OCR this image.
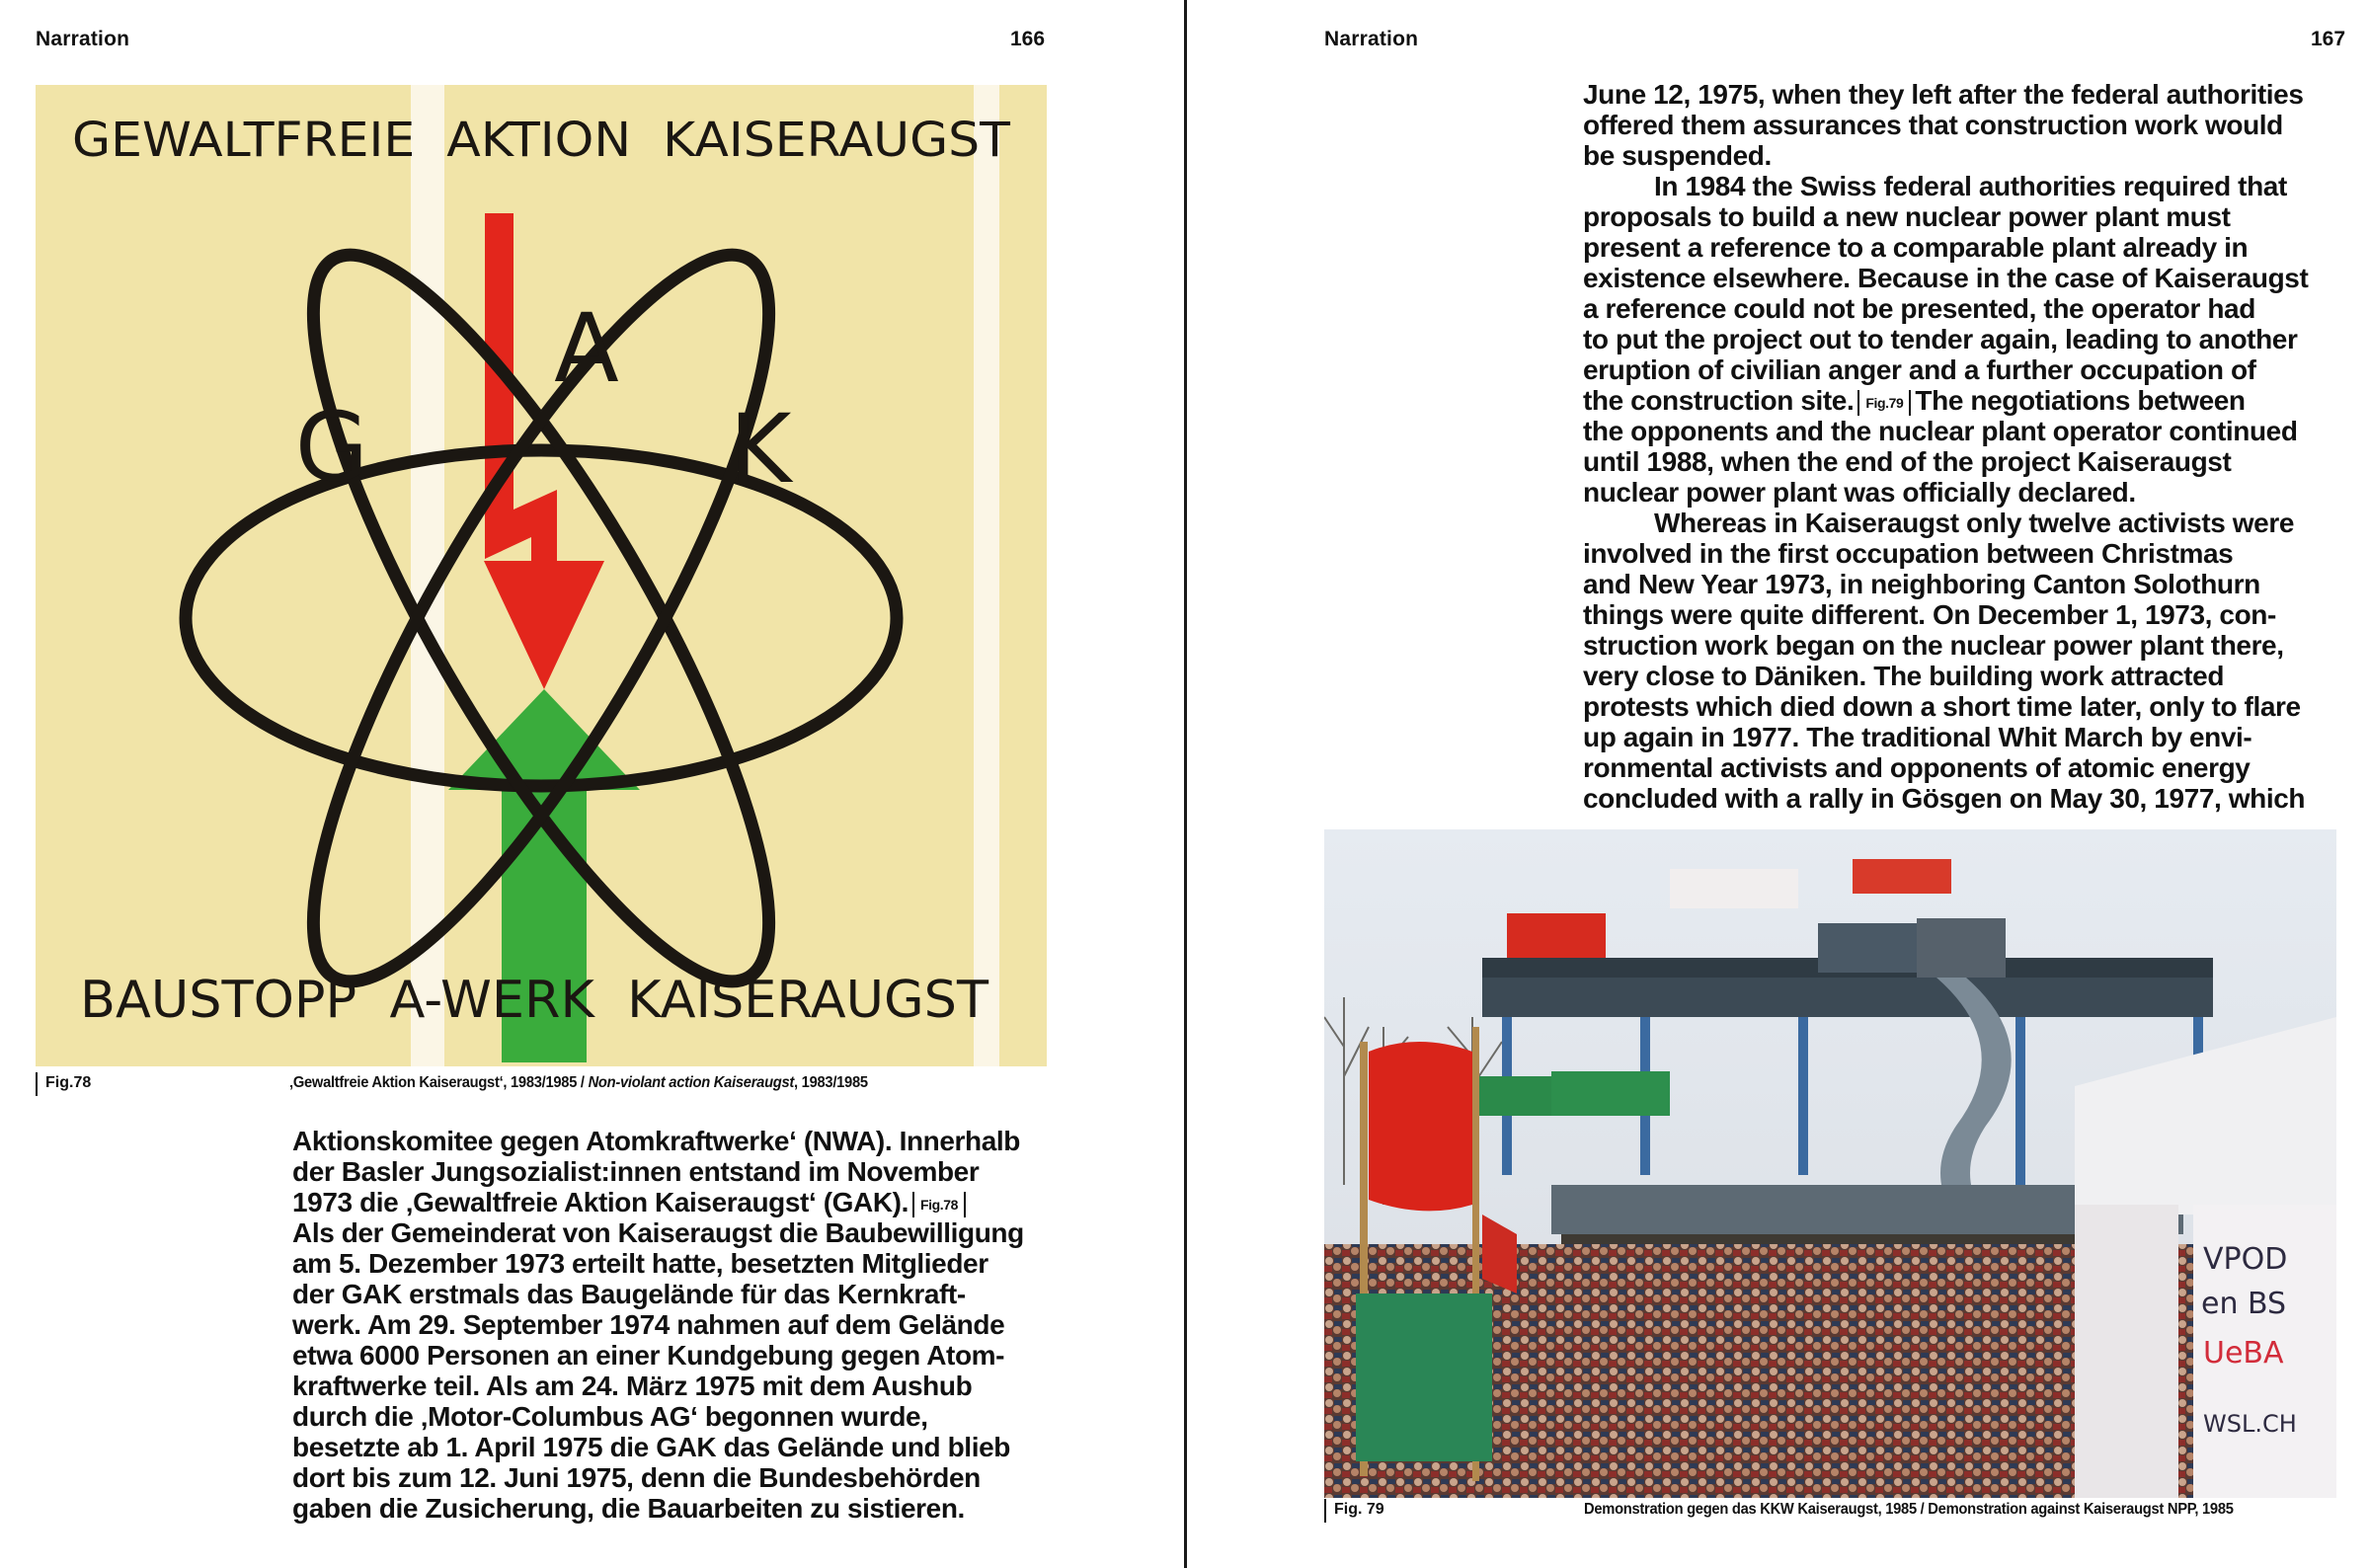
Narration	166
G
A
K
GEWALTFREIE  AKTION  KAISERAUGST
BAUSTOPP  A-WERK  KAISERAUGST
Fig.78	‚Gewaltfreie Aktion Kaiseraugst‘, 1983/1985 / Non-violant action Kaiseraugst, 1983/1985
Aktionskomitee gegen Atomkraftwerke‘ (NWA). Innerhalb
der Basler Jungsozialist:innen entstand im November
1973 die ‚Gewaltfreie Aktion Kaiseraugst‘ (GAK). Fig.78
Als der Gemeinderat von Kaiseraugst die Baubewilligung
am 5. Dezember 1973 erteilt hatte, besetzten Mitglieder
der GAK erstmals das Baugelände für das Kernkraft-
werk. Am 29. September 1974 nahmen auf dem Gelände
etwa 6000 Personen an einer Kundgebung gegen Atom-
kraftwerke teil. Als am 24. März 1975 mit dem Aushub
durch die ‚Motor-Columbus AG‘ begonnen wurde,
besetzte ab 1. April 1975 die GAK das Gelände und blieb
dort bis zum 12. Juni 1975, denn die Bundesbehörden
gaben die Zusicherung, die Bauarbeiten zu sistieren.
Narration	167
June 12, 1975, when they left after the federal authorities
offered them assurances that construction work would
be suspended.
In 1984 the Swiss federal authorities required that
proposals to build a new nuclear power plant must
present a reference to a comparable plant already in
existence elsewhere. Because in the case of Kaiseraugst
a reference could not be presented, the operator had
to put the project out to tender again, leading to another
eruption of civilian anger and a further occupation of
the construction site. Fig.79 The negotiations between
the opponents and the nuclear plant operator continued
until 1988, when the end of the project Kaiseraugst
nuclear power plant was officially declared.
Whereas in Kaiseraugst only twelve activists were
involved in the first occupation between Christmas
and New Year 1973, in neighboring Canton Solothurn
things were quite different. On December 1, 1973, con-
struction work began on the nuclear power plant there,
very close to Däniken. The building work attracted
protests which died down a short time later, only to flare
up again in 1977. The traditional Whit March by envi-
ronmental activists and opponents of atomic energy
concluded with a rally in Gösgen on May 30, 1977, which
VPOD
en BS
UeBA
WSL.CH
Fig. 79	Demonstration gegen das KKW Kaiseraugst, 1985 / Demonstration against Kaiseraugst NPP, 1985
